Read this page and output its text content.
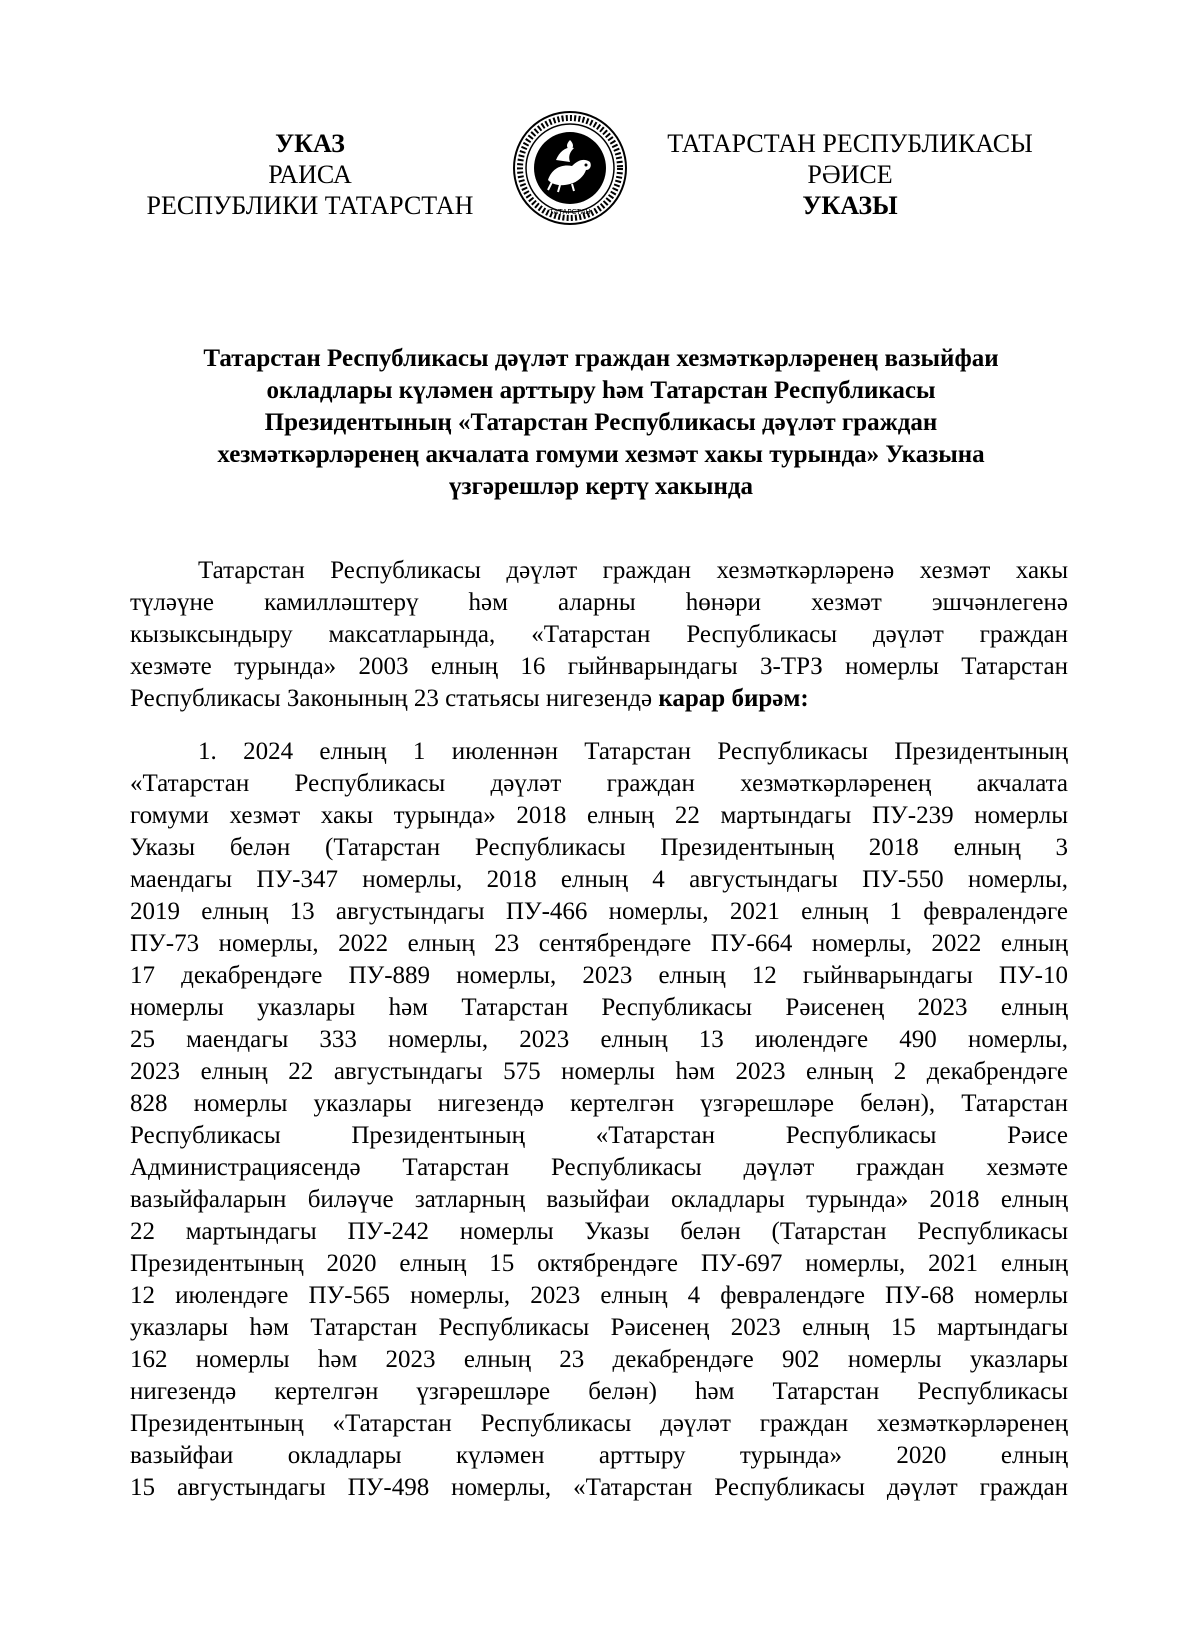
УКАЗ
РАИСА
РЕСПУБЛИКИ ТАТАРСТАН	ТАТАРСТАН
ТАТАРСТАН РЕСПУБЛИКАСЫ
РӘИСЕ
УКАЗЫ
Татарстан Республикасы дәүләт граждан хезмәткәрләренең вазыйфаи
окладлары күләмен арттыру һәм Татарстан Республикасы
Президентының «Татарстан Республикасы дәүләт граждан
хезмәткәрләренең акчалата гомуми хезмәт хакы турында» Указына
үзгәрешләр кертү хакында
Татарстан Республикасы дәүләт граждан хезмәткәрләренә хезмәт хакы
түләүне камилләштерү һәм аларны һөнәри хезмәт эшчәнлегенә
кызыксындыру максатларында, «Татарстан Республикасы дәүләт граждан
хезмәте турында» 2003 елның 16 гыйнварындагы 3-ТРЗ номерлы Татарстан
Республикасы Законының 23 статьясы нигезендә карар бирәм:
1. 2024 елның 1 июленнән Татарстан Республикасы Президентының
«Татарстан Республикасы дәүләт граждан хезмәткәрләренең акчалата
гомуми хезмәт хакы турында» 2018 елның 22 мартындагы ПУ-239 номерлы
Указы белән (Татарстан Республикасы Президентының 2018 елның 3
маендагы ПУ-347 номерлы, 2018 елның 4 августындагы ПУ-550 номерлы,
2019 елның 13 августындагы ПУ-466 номерлы, 2021 елның 1 февралендәге
ПУ-73 номерлы, 2022 елның 23 сентябрендәге ПУ-664 номерлы, 2022 елның
17 декабрендәге ПУ-889 номерлы, 2023 елның 12 гыйнварындагы ПУ-10
номерлы указлары һәм Татарстан Республикасы Рәисенең 2023 елның
25 маендагы 333 номерлы, 2023 елның 13 июлендәге 490 номерлы,
2023 елның 22 августындагы 575 номерлы һәм 2023 елның 2 декабрендәге
828 номерлы указлары нигезендә кертелгән үзгәрешләре белән), Татарстан
Республикасы Президентының «Татарстан Республикасы Рәисе
Администрациясендә Татарстан Республикасы дәүләт граждан хезмәте
вазыйфаларын биләүче затларның вазыйфаи окладлары турында» 2018 елның
22 мартындагы ПУ-242 номерлы Указы белән (Татарстан Республикасы
Президентының 2020 елның 15 октябрендәге ПУ-697 номерлы, 2021 елның
12 июлендәге ПУ-565 номерлы, 2023 елның 4 февралендәге ПУ-68 номерлы
указлары һәм Татарстан Республикасы Рәисенең 2023 елның 15 мартындагы
162 номерлы һәм 2023 елның 23 декабрендәге 902 номерлы указлары
нигезендә кертелгән үзгәрешләре белән) һәм Татарстан Республикасы
Президентының «Татарстан Республикасы дәүләт граждан хезмәткәрләренең
вазыйфаи окладлары күләмен арттыру турында» 2020 елның
15 августындагы ПУ-498 номерлы, «Татарстан Республикасы дәүләт граждан
